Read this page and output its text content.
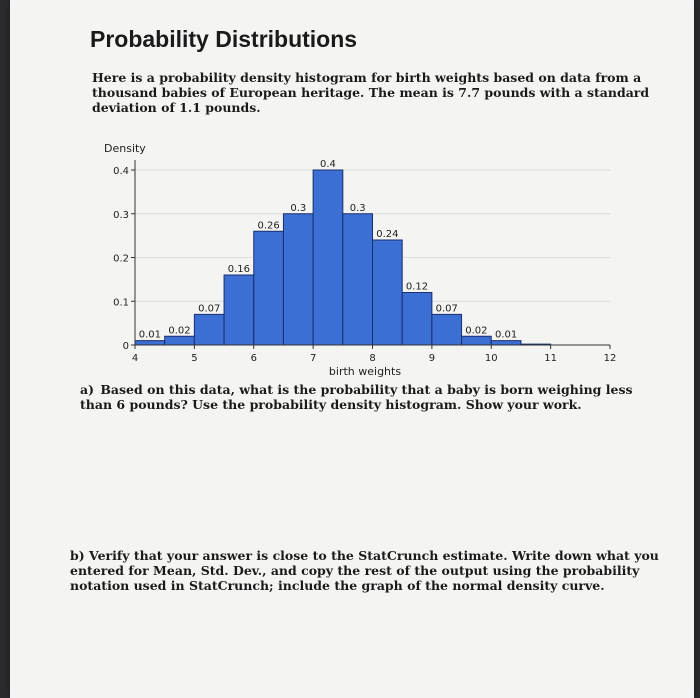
Probability Distributions
Here is a probability density histogram for birth weights based on data from a thousand babies of European heritage. The mean is 7.7 pounds with a standard deviation of 1.1 pounds.
0.01 0.02
0.07
0.16
0.26
0.3
0.4
0.3
0.24
0.12
0.07
0.02 0.01
0
0.1
0.2
0.3
0.4
4	5	6	7	8	9	10	11	12
Density
birth weights
a) Based on this data, what is the probability that a baby is born weighing less than 6 pounds? Use the probability density histogram. Show your work.
b) Verify that your answer is close to the StatCrunch estimate. Write down what you entered for Mean, Std. Dev., and copy the rest of the output using the probability notation used in StatCrunch; include the graph of the normal density curve.
